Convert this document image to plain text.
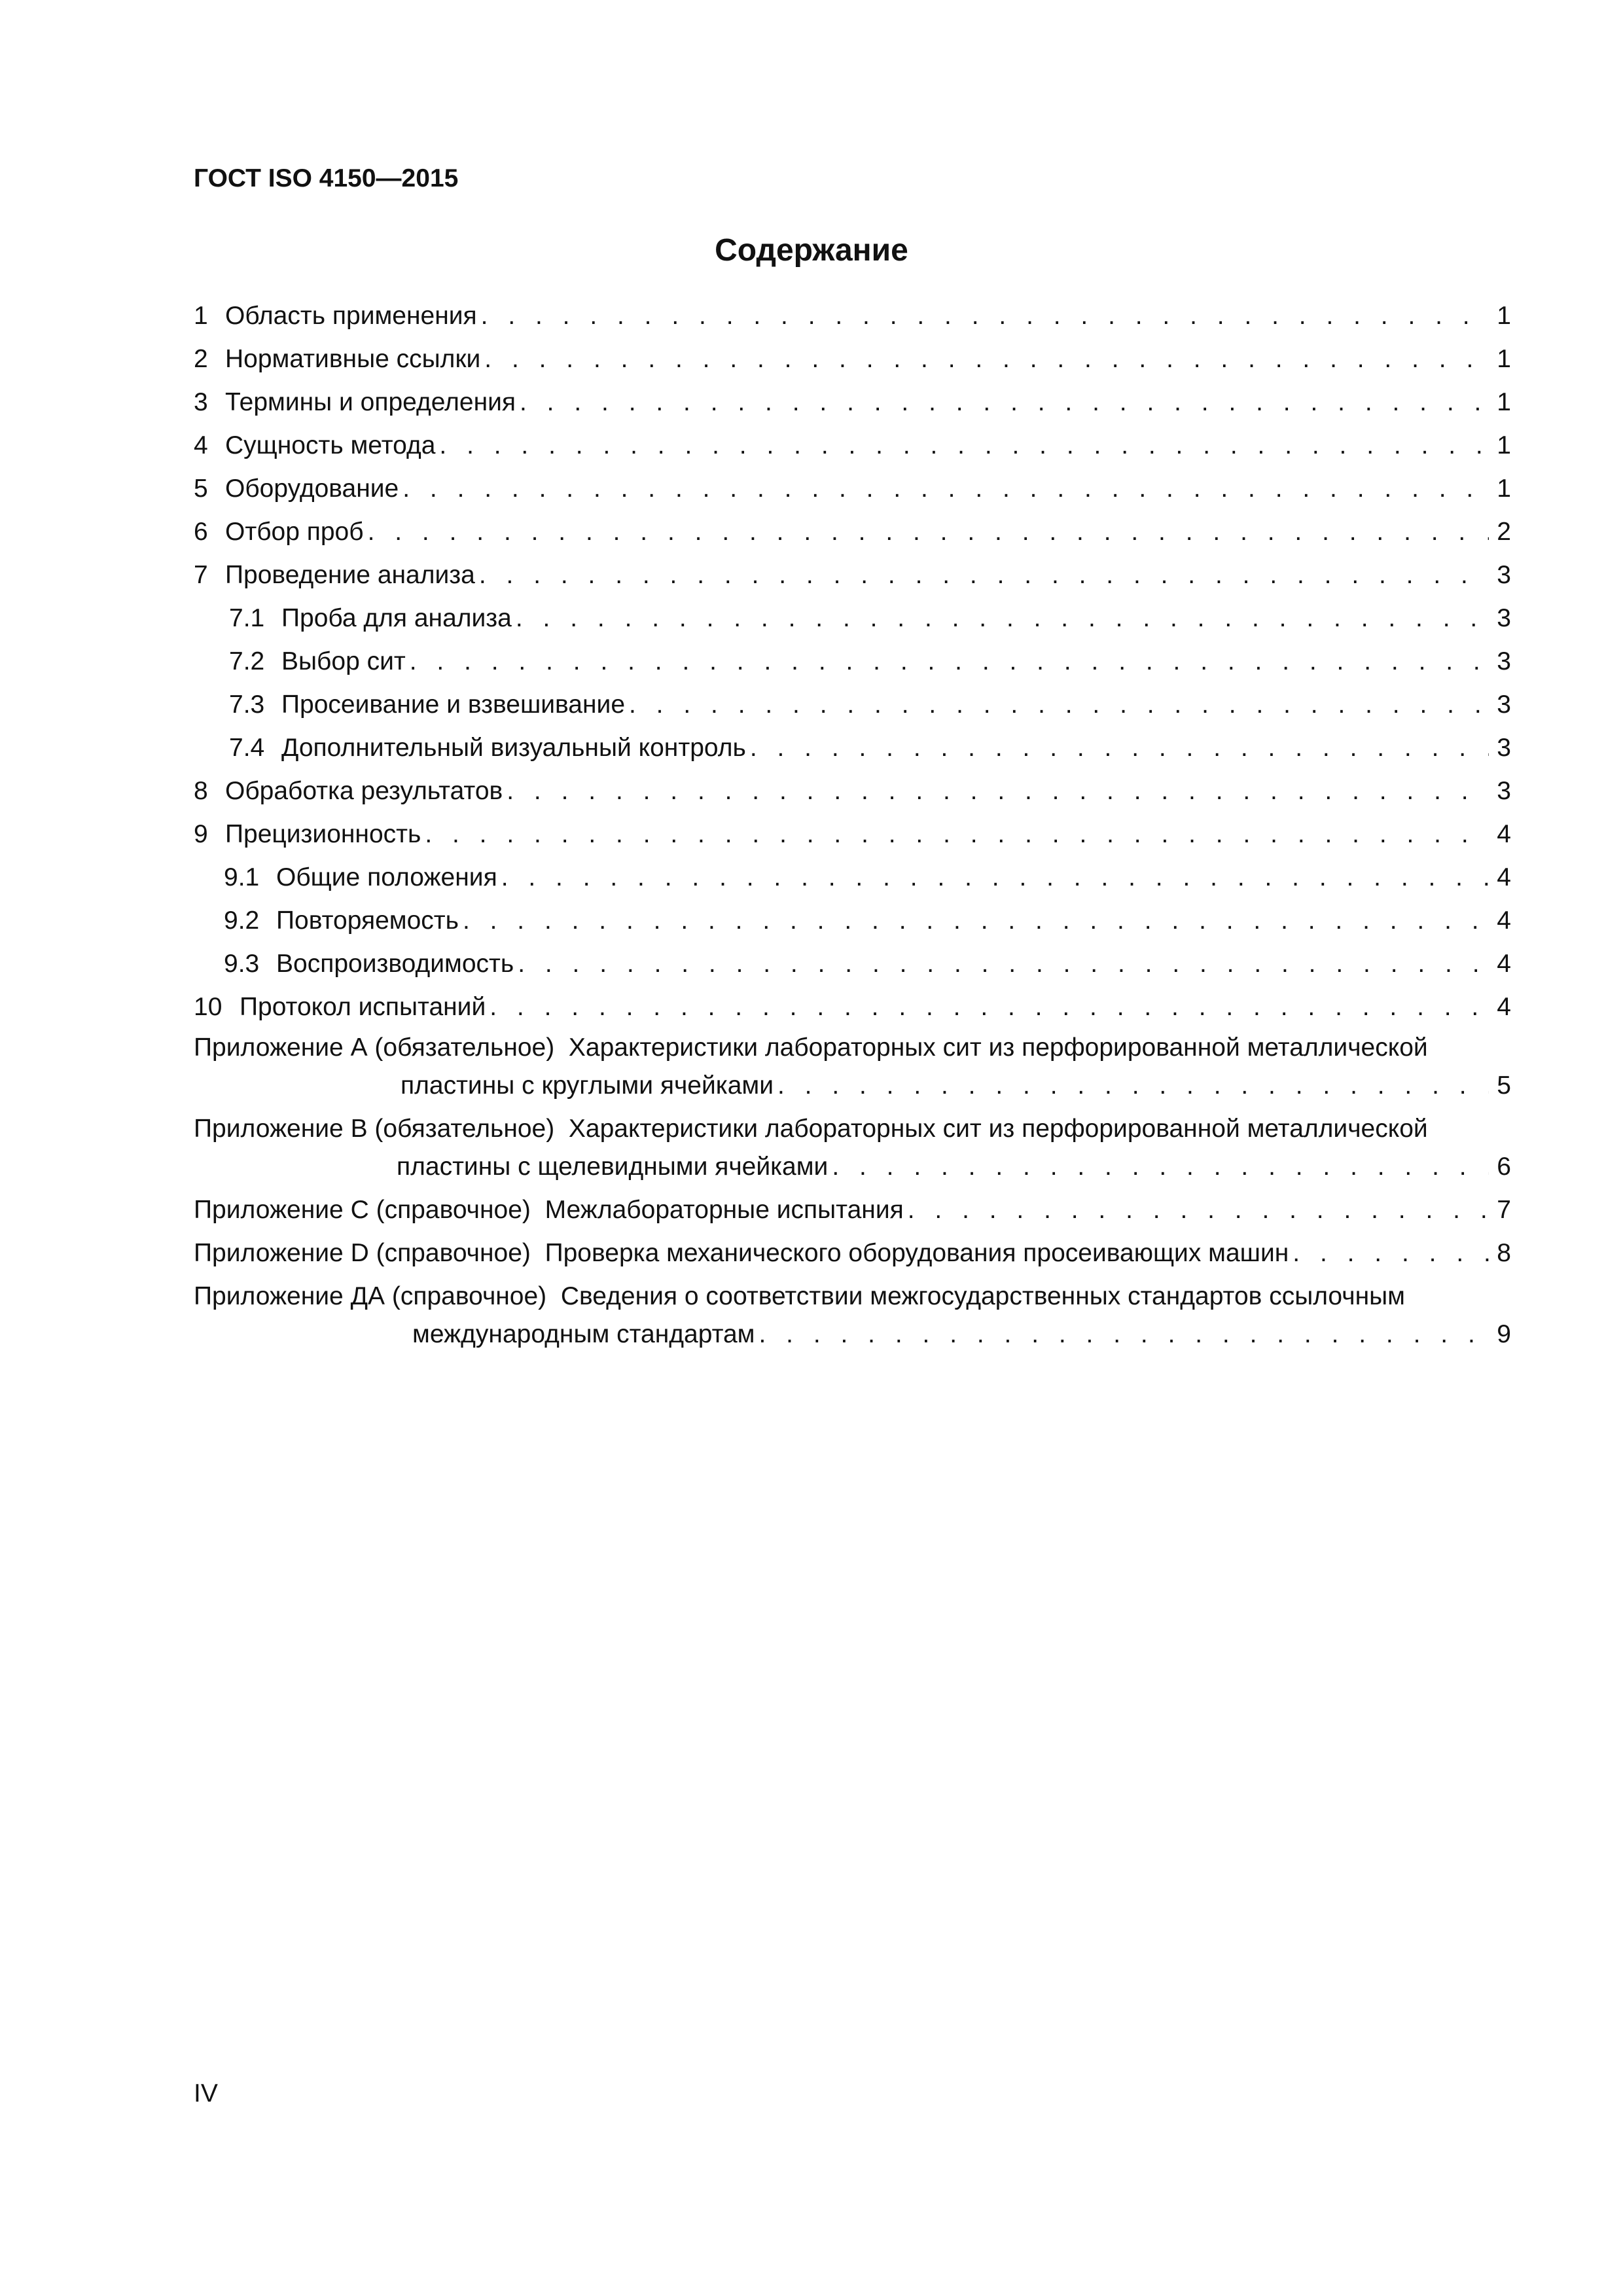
ГОСТ ISO 4150—2015

Содержание
1 Область применения . . .	1
2 Нормативные ссылки . . .	1
3 Термины и определения . . .	1
4 Сущность метода . . .	1
5 Оборудование . . .	1
6 Отбор проб . . .	2
7 Проведение анализа . . .	3
7.1 Проба для анализа . . .	3
7.2 Выбор сит . . .	3
7.3 Просеивание и взвешивание . . .	3
7.4 Дополнительный визуальный контроль . . .	3
8 Обработка результатов . . .	3
9 Прецизионность . . .	4
9.1 Общие положения . . .	4
9.2 Повторяемость . . .	4
9.3 Воспроизводимость . . .	4
10 Протокол испытаний . . .	4
Приложение А (обязательное) Характеристики лабораторных сит из перфорированной металлической
пластины с круглыми ячейками . . .	5
Приложение В (обязательное) Характеристики лабораторных сит из перфорированной металлической
пластины с щелевидными ячейками . . .	6
Приложение С (справочное)
Межлабораторные испытания . . .	7
Приложение D (справочное)
Проверка механического оборудования просеивающих машин . . .	8
Приложение ДА (справочное) Сведения о соответствии межгосударственных стандартов ссылочным
международным стандартам . . .	9
IV
